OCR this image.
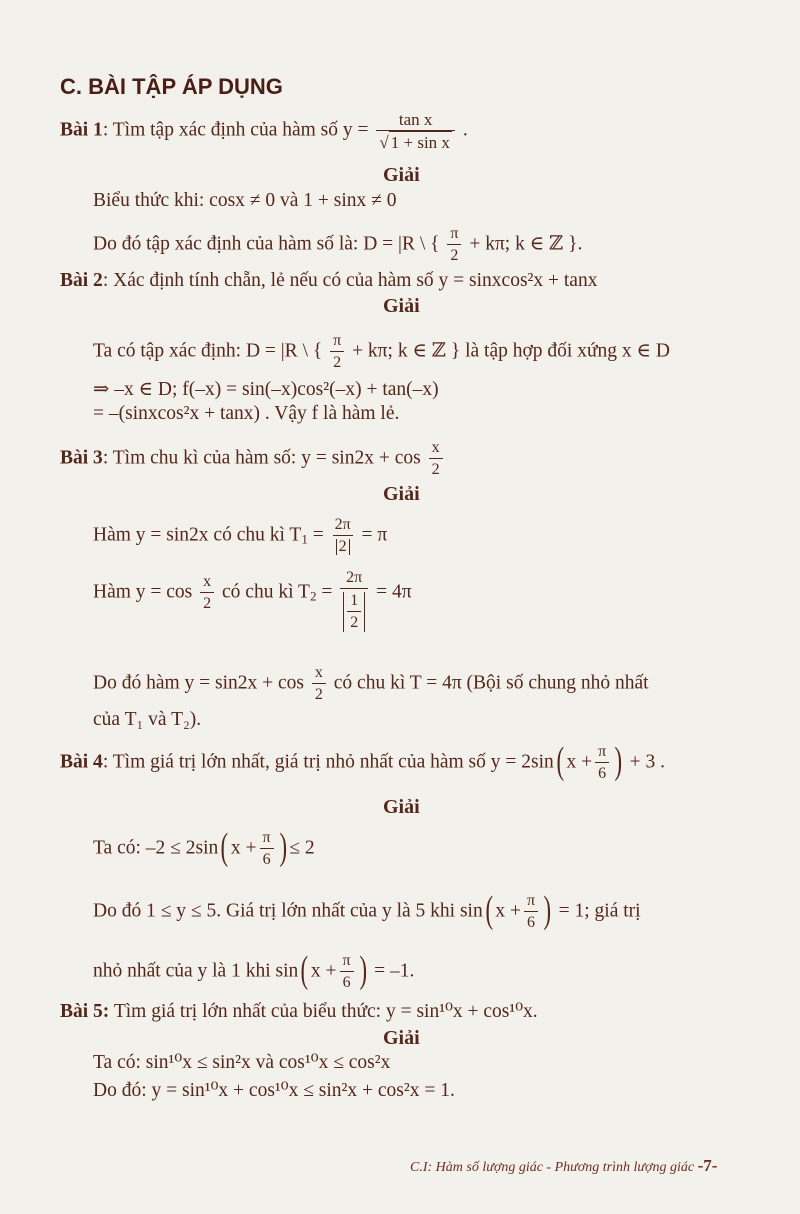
C. BÀI TẬP ÁP DỤNG
Bài 1: Tìm tập xác định của hàm số $y = \frac{\text{tan x}}{\text{√ 1 + sin x}}$ .
Giải
Biểu thức khi: cosx ≠ 0 và 1 + sinx ≠ 0
Do đó tập xác định của hàm số là: D = |R \ { $\frac{\pi}{2} + k\pi$; k ∈ ℤ }.
Bài 2: Xác định tính chẵn, lẻ nếu có của hàm số y = sinxcos²x + tanx
Giải
Ta có tập xác định: D = |R \ { $\frac{\pi}{2} + k\pi$; k ∈ ℤ } là tập hợp đối xứng x ∈ D
⇒ –x ∈ D; f(–x) = sin(–x)cos²(–x) + tan(–x)
= –(sinxcos²x + tanx) . Vậy f là hàm lẻ.
Bài 3: Tìm chu kì của hàm số: $y = \sin 2x + \cos \frac{x}{2}$
Giải
Hàm y = sin2x có chu kì $T_1 = \frac{2\pi}{2} = \pi$
Hàm $y = \cos \frac{x}{2}$ có chu kì $T_2 = \frac{2\pi}{\frac{1}{2}} = 4\pi$
Do đó hàm $y = \sin 2x + \cos \frac{x}{2}$ có chu kì T = 4π (Bội số chung nhỏ nhất
của T₁ và T₂).
Bài 4: Tìm giá trị lớn nhất, giá trị nhỏ nhất của hàm số y = 2sin( $x + \frac{\pi}{6}$ ) + 3 .
Giải
Ta có: –2 ≤ 2sin( $x + \frac{\pi}{6}$ ) ≤ 2
Do đó 1 ≤ y ≤ 5. Giá trị lớn nhất của y là 5 khi sin( $x + \frac{\pi}{6}$ ) = 1; giá trị
nhỏ nhất của y là 1 khi sin( $x + \frac{\pi}{6}$ ) = –1.
Bài 5: Tìm giá trị lớn nhất của biểu thức: y = sin¹⁰x + cos¹⁰x.
Giải
Ta có: sin¹⁰x ≤ sin²x và cos¹⁰x ≤ cos²x
Do đó: y = sin¹⁰x + cos¹⁰x ≤ sin²x + cos²x = 1.
C.I: Hàm số lượng giác - Phương trình lượng giác -7-
